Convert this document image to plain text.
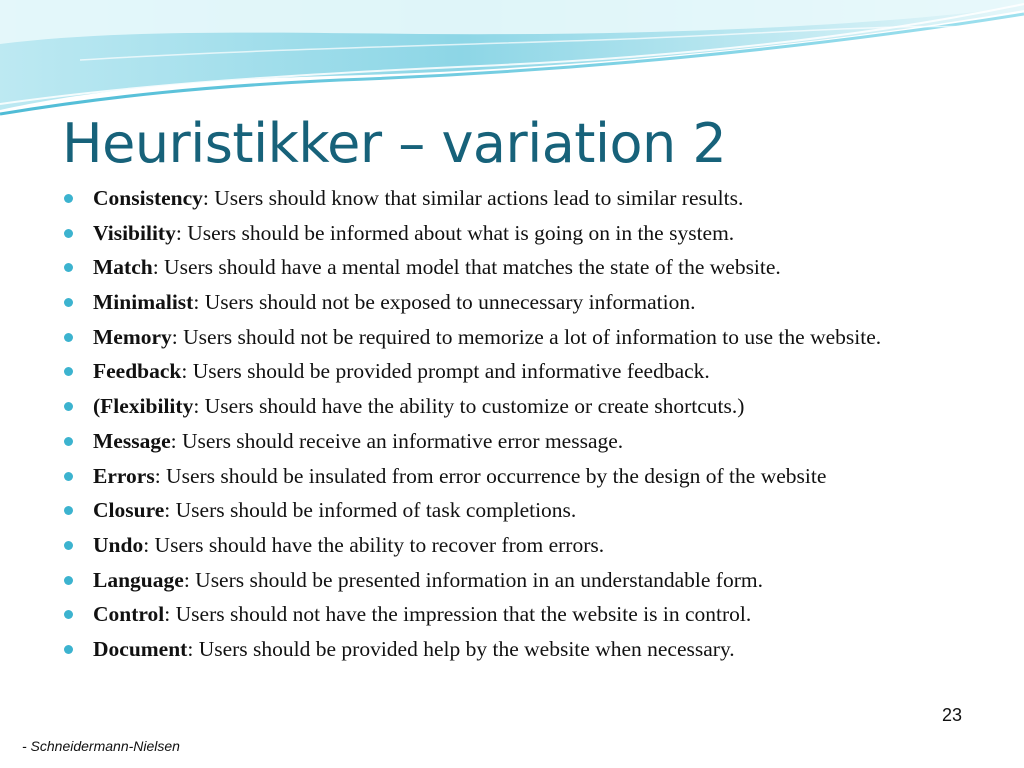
Heuristikker – variation 2
Consistency: Users should know that similar actions lead to similar results.
Visibility: Users should be informed about what is going on in the system.
Match: Users should have a mental model that matches the state of the website.
Minimalist: Users should not be exposed to unnecessary information.
Memory: Users should not be required to memorize a lot of information to use the website.
Feedback: Users should be provided prompt and informative feedback.
(Flexibility: Users should have the ability to customize or create shortcuts.)
Message: Users should receive an informative error message.
Errors: Users should be insulated from error occurrence by the design of the website
Closure: Users should be informed of task completions.
Undo: Users should have the ability to recover from errors.
Language: Users should be presented information in an understandable form.
Control: Users should not have the impression that the website is in control.
Document: Users should be provided help by the website when necessary.
23
- Schneidermann-Nielsen
